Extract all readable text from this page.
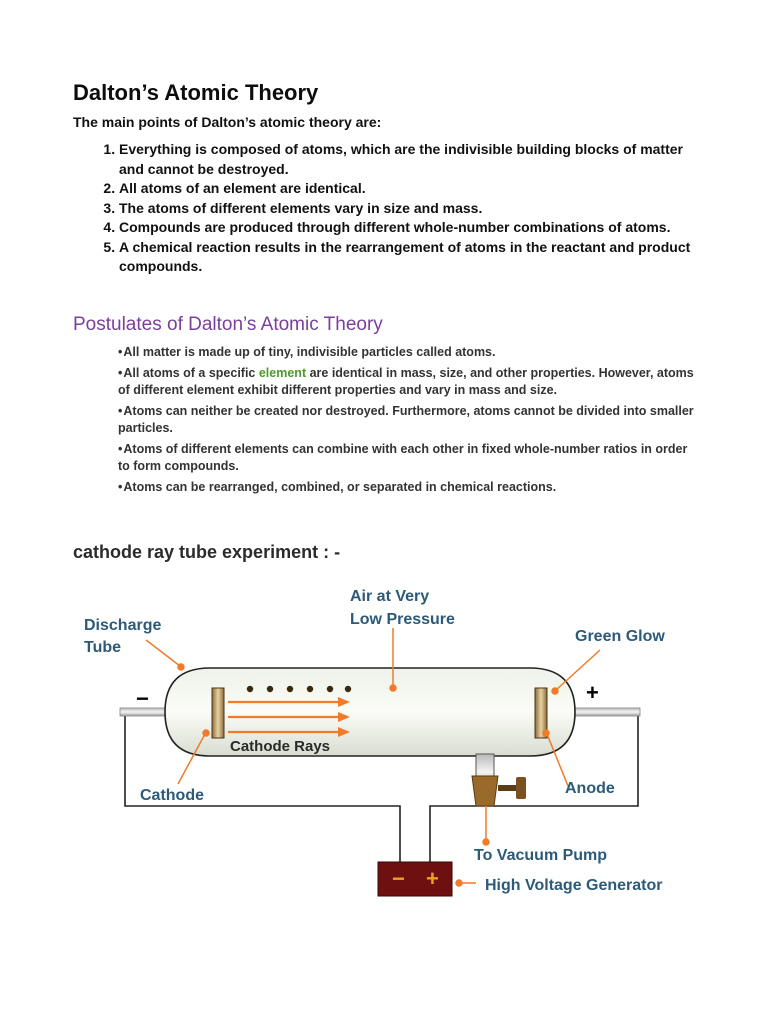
Dalton’s Atomic Theory

The main points of Dalton’s atomic theory are:

1. Everything is composed of atoms, which are the indivisible building blocks of matter and cannot be destroyed.
2. All atoms of an element are identical.
3. The atoms of different elements vary in size and mass.
4. Compounds are produced through different whole-number combinations of atoms.
5. A chemical reaction results in the rearrangement of atoms in the reactant and product compounds.
Postulates of Dalton’s Atomic Theory
•All matter is made up of tiny, indivisible particles called atoms.
•All atoms of a specific element are identical in mass, size, and other properties. However, atoms of different element exhibit different properties and vary in mass and size.
•Atoms can neither be created nor destroyed. Furthermore, atoms cannot be divided into smaller particles.
•Atoms of different elements can combine with each other in fixed whole-number ratios in order to form compounds.
•Atoms can be rearranged, combined, or separated in chemical reactions.
cathode ray tube experiment : -
− +
−	+
Discharge
Tube
Air at Very
Low Pressure
Green Glow
Cathode Rays
Cathode	Anode
To Vacuum Pump
High Voltage Generator
